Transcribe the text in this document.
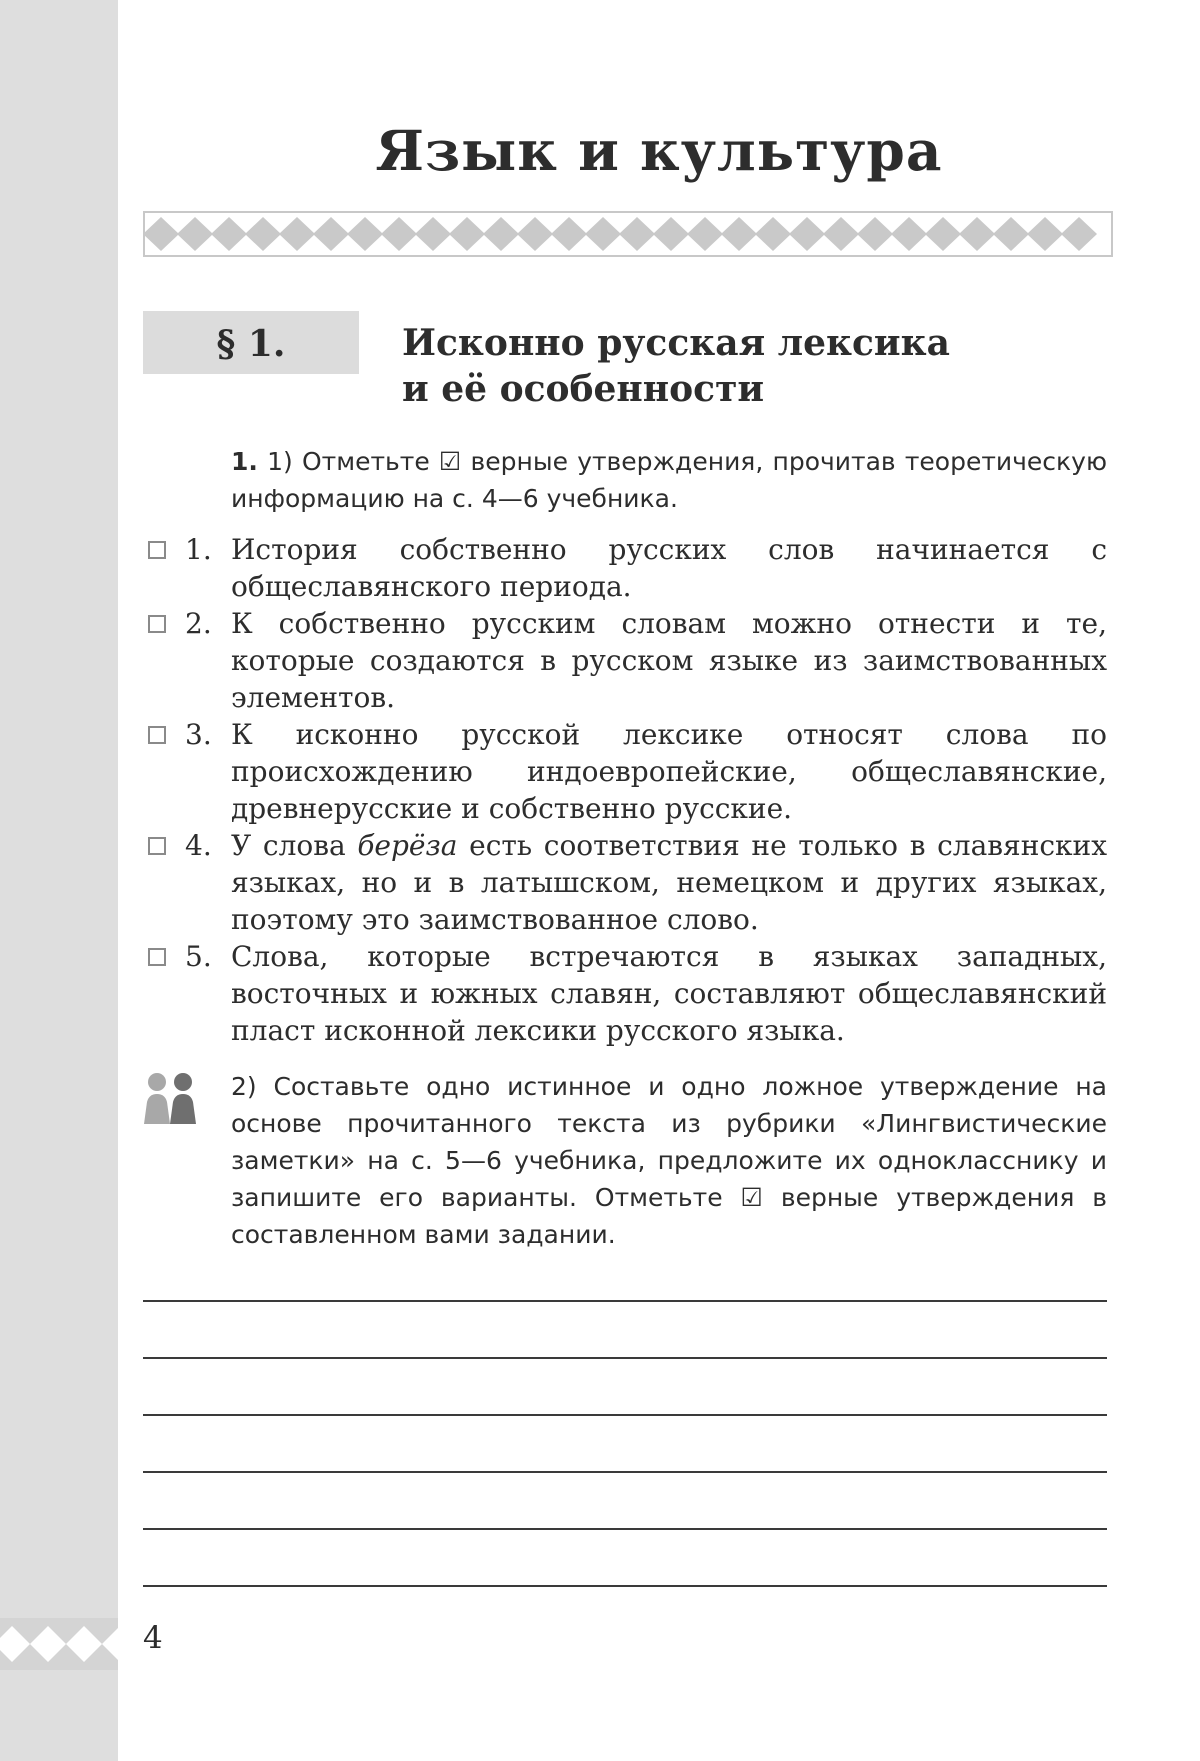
Язык и культура
§ 1.	Исконно русская лексика
и её особенности
1. 1) Отметьте ☑ верные утверждения, прочитав теоретическую информацию на с. 4—6 учебника.
1. История собственно русских слов начинается с общеславянского периода.
2. К собственно русским словам можно отнести и те, которые создаются в русском языке из заимствованных элементов.
3. К исконно русской лексике относят слова по происхождению индоевропейские, общеславянские, древнерусские и собственно русские.
4. У слова берёза есть соответствия не только в славянских языках, но и в латышском, немецком и других языках, поэтому это заимствованное слово.
5. Слова, которые встречаются в языках западных, восточных и южных славян, составляют общеславянский пласт исконной лексики русского языка.
2) Составьте одно истинное и одно ложное утверждение на основе прочитанного текста из рубрики «Лингвистические заметки» на с. 5—6 учебника, предложите их однокласснику и запишите его варианты. Отметьте ☑ верные утверждения в составленном вами задании.
4
